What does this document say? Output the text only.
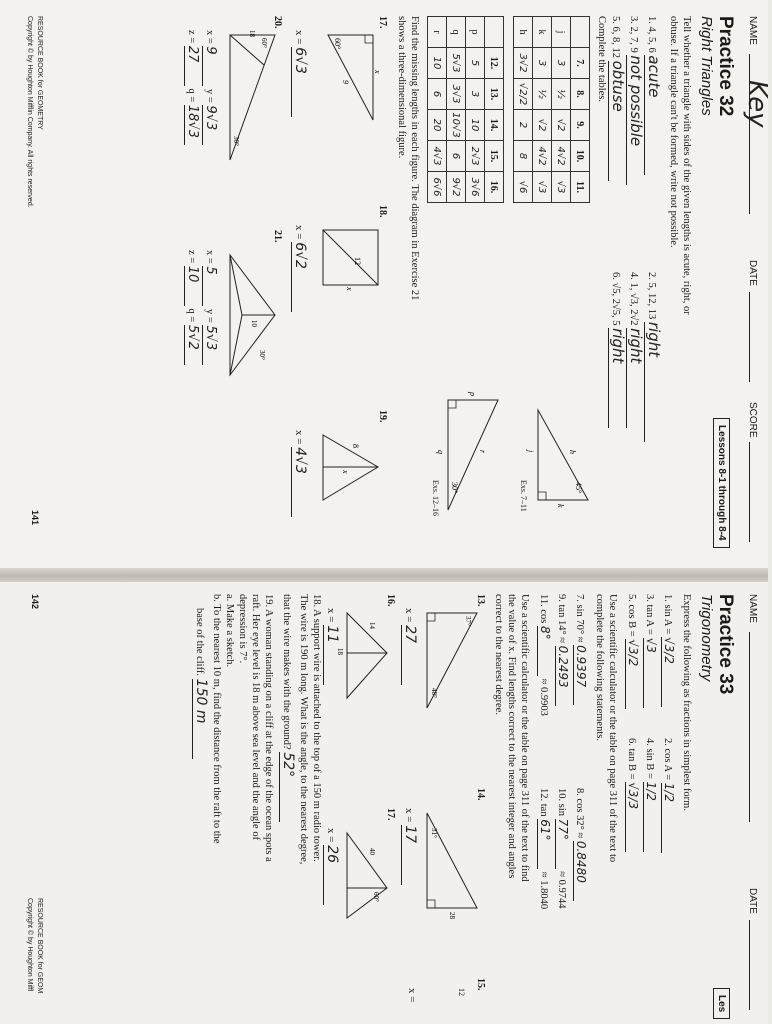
NAME
Key
DATE
SCORE
Practice 32
Right Triangles
Lessons 8-1 through 8-4
Tell whether a triangle with sides of the given lengths is acute, right, or
obtuse. If a triangle can't be formed, write not possible.
1. 4, 5, 6 acute
2. 5, 12, 13 right
3. 2, 7, 9 not possible
4. 1, √3, 2√2 right
5. 6, 8, 12 obtuse
6. √5, 2√5, 5 right
Complete the tables.
	7.	8.	9.	10.	11.
j	3	½	√2	4√2	√3
k	3	½	√2	4√2	√3
h	3√2	√2/2	2	8	√6
	12.	13.	14.	15.	16.
p	5	3	10	2√3	3√6
q	5√3	3√3	10√3	6	9√2
r	10	6	20	4√3	6√6
45°
h
j
k
30°
p
r
q
Exs. 7–11
Exs. 12–16
Find the missing lengths in each figure. The diagram in Exercise 21
shows a three-dimensional figure.
17.
60°
9
x
x = 6√3
18.
12
x
x = 6√2
19.
8
x
x = 4√3
20.
60°
30°
18
x = 9 y = 9√3
21.
30°
10
x = 5 y = 5√3
z = 27 q = 18√3
z = 10 q = 5√2
RESOURCE BOOK for GEOMETRY
Copyright © by Houghton Mifflin Company. All rights reserved.
141
NAME
DATE
Practice 33
Trigonometry
Les
Express the following as fractions in simplest form.
1. sin A = √3/2
2. cos A = 1/2
3. tan A = √3
4. sin B = 1/2
5. cos B = √3/2
6. tan B = √3/3
Use a scientific calculator or the table on page 311 of the text to
complete the following statements.
7. sin 70° ≈ 0.9397
8. cos 32° ≈ 0.8480
9. tan 14° ≈ 0.2493
10. sin 77° ≈ 0.9744
11. cos 8° ≈ 0.9903
12. tan 61° ≈ 1.8040
Use a scientific calculator or the table on page 311 of the text to find
the value of x. Find lengths correct to the nearest integer and angles
correct to the nearest degree.
13.
37°
48°
x = 27
14.
28
31°
x = 17
15.
12
x =
16.
14
18
x = 11
17.
40
60°
x = 26
18. A support wire is attached to the top of a 150 m radio tower.
The wire is 190 m long. What is the angle, to the nearest degree,
that the wire makes with the ground? 52°
19. A woman standing on a cliff at the edge of the ocean spots a
raft. Her eye level is 18 m above sea level and the angle of
depression is 7°.
a. Make a sketch.
b. To the nearest 10 m, find the distance from the raft to the
base of the cliff. 150 m
RESOURCE BOOK for GEOM
Copyright © by Houghton Miffl
142
